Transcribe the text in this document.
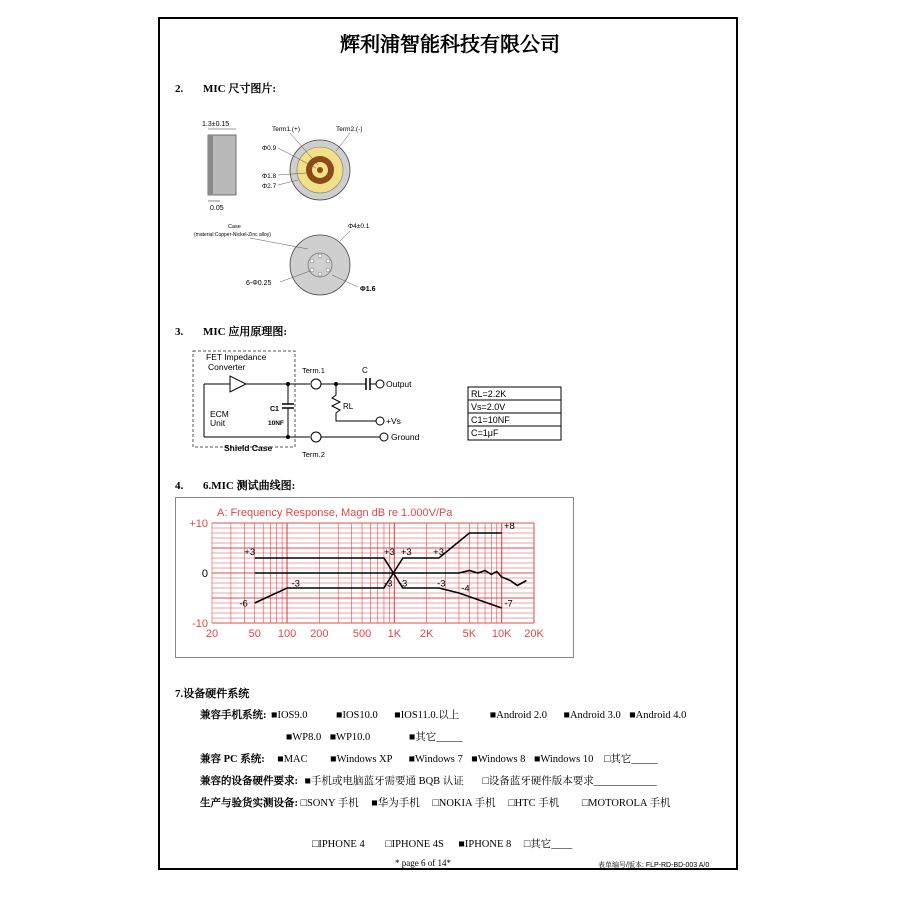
辉利浦智能科技有限公司
2. MIC 尺寸图片:
1.3±0.15
0.05
Term1.(+)	Term2.(-)
Φ0.9
Φ1.8
Φ2.7
Case
(material:Copper-Nickel-Zinc alloy)
Φ4±0.1
6-Φ0.25
Φ1.6
3. MIC 应用原理图:
FET Impedance
Converter
ECM
Unit
C1
10NF
Shield Case
Term.1
Term.2
C
Output
RL
+Vs
Ground
RL=2.2K
Vs=2.0V
C1=10NF
C=1μF
4. 6.MIC 测试曲线图:
A: Frequency Response, Magn dB re 1.000V/Pa
20	50 100 200 500 1K 2K	5K 10K 20K
+10
0
-10
+3	+3 +3 +3
+8
-6
-3	-3 -3	-3 -4
-7
7.设备硬件系统
兼容手机系统: ■IOS9.0	■IOS10.0 ■IOS11.0.以上	■Android 2.0 ■Android 3.0 ■Android 4.0
■WP8.0 ■WP10.0	■其它_____
兼容 PC 系统: ■MAC ■Windows XP ■Windows 7 ■Windows 8 ■Windows 10 □其它_____
兼容的设备硬件要求: ■手机或电脑蓝牙需要通 BQB 认证 □设备蓝牙硬件版本要求____________
生产与验货实测设备: □SONY 手机 ■华为手机 □NOKIA 手机 □HTC 手机 □MOTOROLA 手机
□IPHONE 4 □IPHONE 4S ■IPHONE 8 □其它____
* page 6 of 14*	表单编号/版本: FLP-RD-BD-003 A/0
